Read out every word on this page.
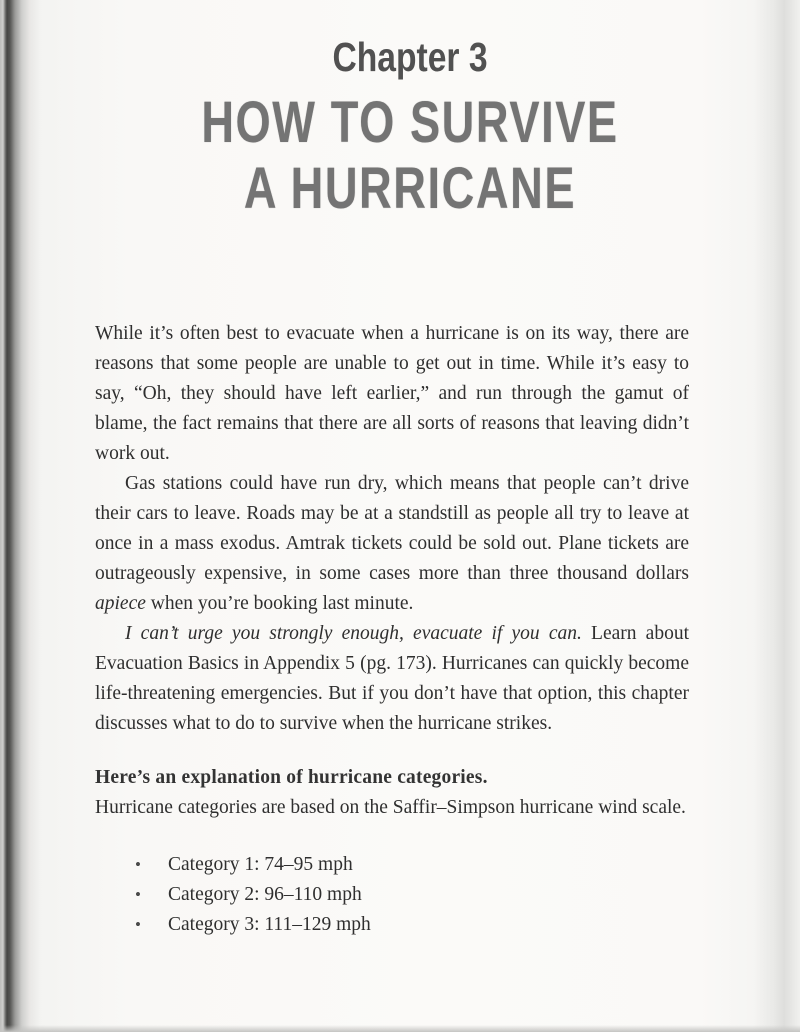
Chapter 3
HOW TO SURVIVE
A HURRICANE

While it’s often best to evacuate when a hurricane is on its way, there are reasons that some people are unable to get out in time. While it’s easy to say, “Oh, they should have left earlier,” and run through the gamut of blame, the fact remains that there are all sorts of reasons that leaving didn’t work out.

Gas stations could have run dry, which means that people can’t drive their cars to leave. Roads may be at a standstill as people all try to leave at once in a mass exodus. Amtrak tickets could be sold out. Plane tickets are outrageously expensive, in some cases more than three thousand dollars apiece when you’re booking last minute.

I can’t urge you strongly enough, evacuate if you can. Learn about Evacuation Basics in Appendix 5 (pg. 173). Hurricanes can quickly become life-threatening emergencies. But if you don’t have that option, this chapter discusses what to do to survive when the hurricane strikes.

Here’s an explanation of hurricane categories.

Hurricane categories are based on the Saffir–Simpson hurricane wind scale.

• Category 1: 74–95 mph
• Category 2: 96–110 mph
• Category 3: 111–129 mph
